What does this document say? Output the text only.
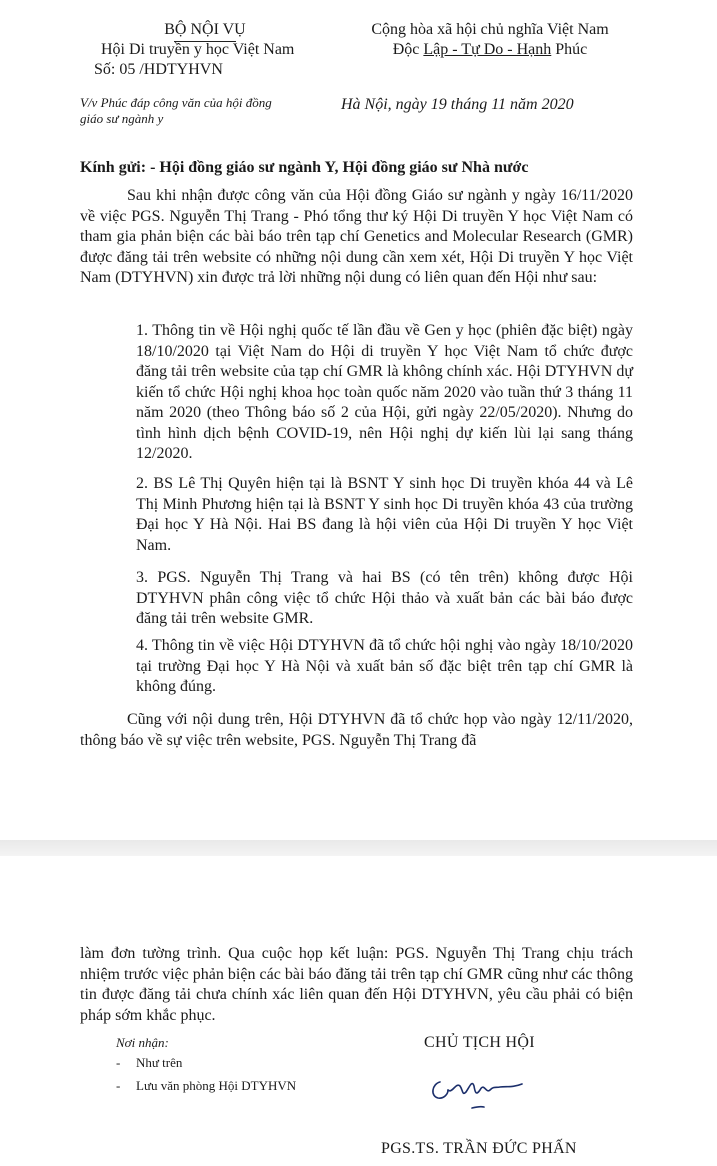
BỘ NỘI VỤ
Hội Di truyền y học Việt Nam
Số: 05 /HDTYHVN
Cộng hòa xã hội chủ nghĩa Việt Nam
Độc Lập - Tự Do - Hạnh Phúc
V/v Phúc đáp công văn của hội đồng
giáo sư ngành y
Hà Nội, ngày 19 tháng 11 năm 2020
Kính gửi: - Hội đồng giáo sư ngành Y, Hội đồng giáo sư Nhà nước

Sau khi nhận được công văn của Hội đồng Giáo sư ngành y ngày 16/11/2020 về việc PGS. Nguyễn Thị Trang - Phó tổng thư ký Hội Di truyền Y học Việt Nam có tham gia phản biện các bài báo trên tạp chí Genetics and Molecular Research (GMR) được đăng tải trên website có những nội dung cần xem xét, Hội Di truyền Y học Việt Nam (DTYHVN) xin được trả lời những nội dung có liên quan đến Hội như sau:

1. Thông tin về Hội nghị quốc tế lần đầu về Gen y học (phiên đặc biệt) ngày 18/10/2020 tại Việt Nam do Hội di truyền Y học Việt Nam tổ chức được đăng tải trên website của tạp chí GMR là không chính xác. Hội DTYHVN dự kiến tổ chức Hội nghị khoa học toàn quốc năm 2020 vào tuần thứ 3 tháng 11 năm 2020 (theo Thông báo số 2 của Hội, gửi ngày 22/05/2020). Nhưng do tình hình dịch bệnh COVID-19, nên Hội nghị dự kiến lùi lại sang tháng 12/2020.

2. BS Lê Thị Quyên hiện tại là BSNT Y sinh học Di truyền khóa 44 và Lê Thị Minh Phương hiện tại là BSNT Y sinh học Di truyền khóa 43 của trường Đại học Y Hà Nội. Hai BS đang là hội viên của Hội Di truyền Y học Việt Nam.

3. PGS. Nguyễn Thị Trang và hai BS (có tên trên) không được Hội DTYHVN phân công việc tổ chức Hội thảo và xuất bản các bài báo được đăng tải trên website GMR.

4. Thông tin về việc Hội DTYHVN đã tổ chức hội nghị vào ngày 18/10/2020 tại trường Đại học Y Hà Nội và xuất bản số đặc biệt trên tạp chí GMR là không đúng.

Cũng với nội dung trên, Hội DTYHVN đã tổ chức họp vào ngày 12/11/2020, thông báo về sự việc trên website, PGS. Nguyễn Thị Trang đã

làm đơn tường trình. Qua cuộc họp kết luận: PGS. Nguyễn Thị Trang chịu trách nhiệm trước việc phản biện các bài báo đăng tải trên tạp chí GMR cũng như các thông tin được đăng tải chưa chính xác liên quan đến Hội DTYHVN, yêu cầu phải có biện pháp sớm khắc phục.

Nơi nhận:
- Như trên
- Lưu văn phòng Hội DTYHVN
CHỦ TỊCH HỘI
PGS.TS. TRẦN ĐỨC PHẤN
